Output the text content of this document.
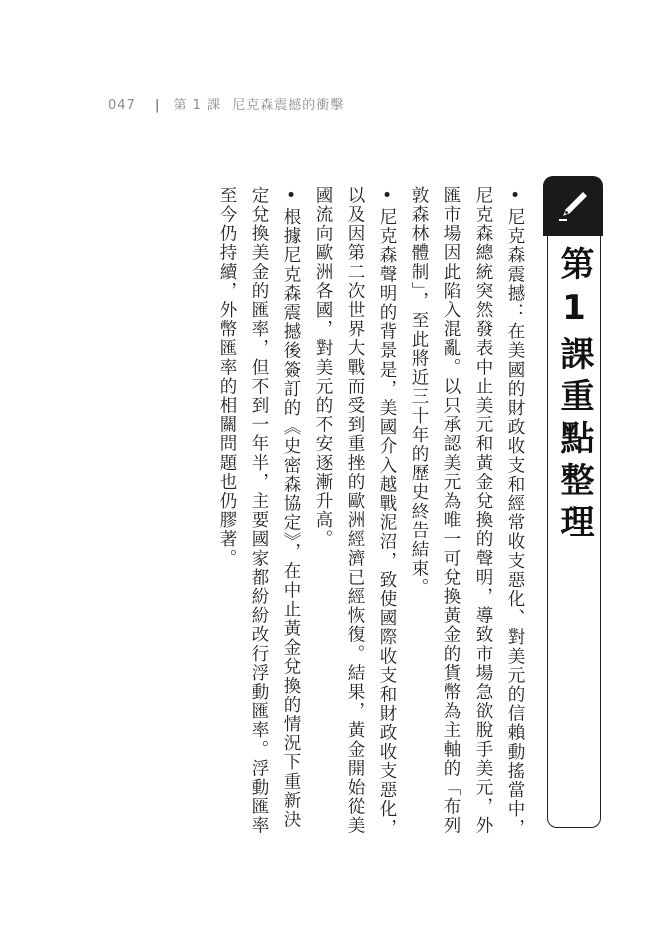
047 | 第 1 課 尼克森震撼的衝擊
第1課重點整理

•尼克森震撼：在美國的財政收支和經常收支惡化、對美元的信賴動搖當中，尼克森總統突然發表中止美元和黃金兌換的聲明，導致市場急欲脫手美元，外匯市場因此陷入混亂。以只承認美元為唯一可兌換黃金的貨幣為主軸的「布列敦森林體制」，至此將近三十年的歷史終告結束。

•尼克森聲明的背景是，美國介入越戰泥沼，致使國際收支和財政收支惡化，以及因第二次世界大戰而受到重挫的歐洲經濟已經恢復。結果，黃金開始從美國流向歐洲各國，對美元的不安逐漸升高。

•根據尼克森震撼後簽訂的《史密森協定》，在中止黃金兌換的情況下重新決定兌換美金的匯率，但不到一年半，主要國家都紛紛改行浮動匯率。浮動匯率至今仍持續，外幣匯率的相關問題也仍膠著。
